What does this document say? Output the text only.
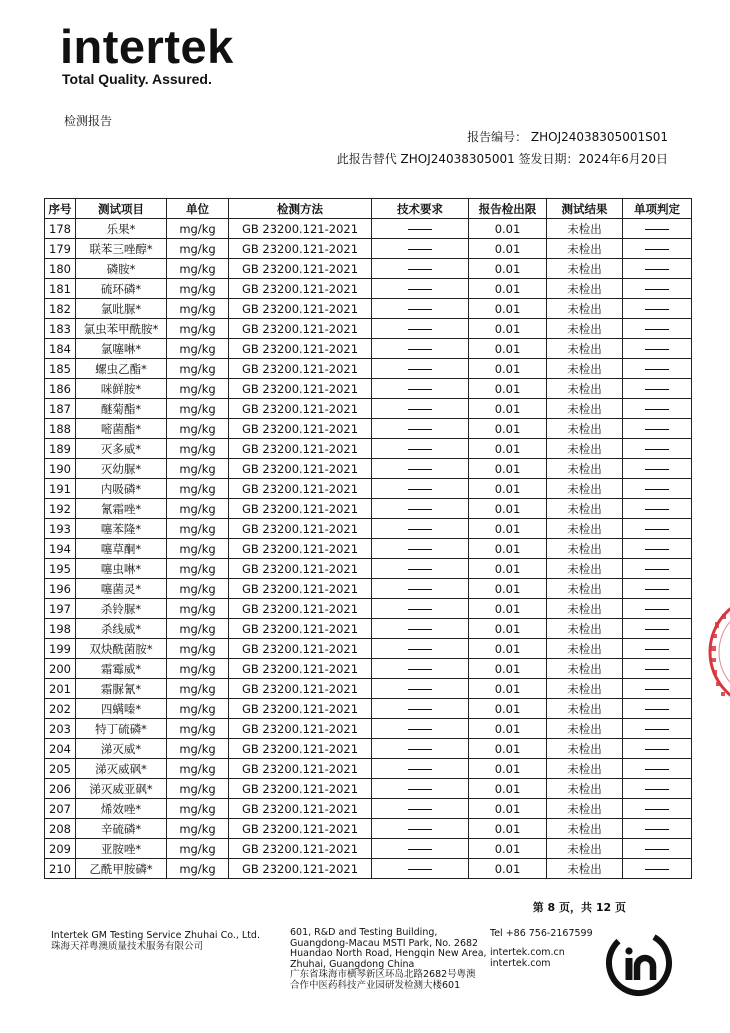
intertek
Total Quality. Assured.
检测报告
报告编号： ZHOJ24038305001S01
此报告替代 ZHOJ24038305001 签发日期：2024年6月20日
序号	测试项目	单位	检测方法	技术要求	报告检出限	测试结果	单项判定
178	乐果*	mg/kg	GB 23200.121-2021		0.01	未检出	
179	联苯三唑醇*	mg/kg	GB 23200.121-2021		0.01	未检出	
180	磷胺*	mg/kg	GB 23200.121-2021		0.01	未检出	
181	硫环磷*	mg/kg	GB 23200.121-2021		0.01	未检出	
182	氯吡脲*	mg/kg	GB 23200.121-2021		0.01	未检出	
183	氯虫苯甲酰胺*	mg/kg	GB 23200.121-2021		0.01	未检出	
184	氯噻啉*	mg/kg	GB 23200.121-2021		0.01	未检出	
185	螺虫乙酯*	mg/kg	GB 23200.121-2021		0.01	未检出	
186	咪鲜胺*	mg/kg	GB 23200.121-2021		0.01	未检出	
187	醚菊酯*	mg/kg	GB 23200.121-2021		0.01	未检出	
188	嘧菌酯*	mg/kg	GB 23200.121-2021		0.01	未检出	
189	灭多威*	mg/kg	GB 23200.121-2021		0.01	未检出	
190	灭幼脲*	mg/kg	GB 23200.121-2021		0.01	未检出	
191	内吸磷*	mg/kg	GB 23200.121-2021		0.01	未检出	
192	氰霜唑*	mg/kg	GB 23200.121-2021		0.01	未检出	
193	噻苯隆*	mg/kg	GB 23200.121-2021		0.01	未检出	
194	噻草酮*	mg/kg	GB 23200.121-2021		0.01	未检出	
195	噻虫啉*	mg/kg	GB 23200.121-2021		0.01	未检出	
196	噻菌灵*	mg/kg	GB 23200.121-2021		0.01	未检出	
197	杀铃脲*	mg/kg	GB 23200.121-2021		0.01	未检出	
198	杀线威*	mg/kg	GB 23200.121-2021		0.01	未检出	
199	双炔酰菌胺*	mg/kg	GB 23200.121-2021		0.01	未检出	
200	霜霉威*	mg/kg	GB 23200.121-2021		0.01	未检出	
201	霜脲氰*	mg/kg	GB 23200.121-2021		0.01	未检出	
202	四螨嗪*	mg/kg	GB 23200.121-2021		0.01	未检出	
203	特丁硫磷*	mg/kg	GB 23200.121-2021		0.01	未检出	
204	涕灭威*	mg/kg	GB 23200.121-2021		0.01	未检出	
205	涕灭威砜*	mg/kg	GB 23200.121-2021		0.01	未检出	
206	涕灭威亚砜*	mg/kg	GB 23200.121-2021		0.01	未检出	
207	烯效唑*	mg/kg	GB 23200.121-2021		0.01	未检出	
208	辛硫磷*	mg/kg	GB 23200.121-2021		0.01	未检出	
209	亚胺唑*	mg/kg	GB 23200.121-2021		0.01	未检出	
210	乙酰甲胺磷*	mg/kg	GB 23200.121-2021		0.01	未检出	
第 8 页，共 12 页
Intertek GM Testing Service Zhuhai Co., Ltd.
珠海天祥粤澳质量技术服务有限公司
601, R&D and Testing Building,
Guangdong-Macau MSTI Park, No. 2682
Huandao North Road, Hengqin New Area,
Zhuhai, Guangdong China
广东省珠海市横琴新区环岛北路2682号粤澳
合作中医药科技产业园研发检测大楼601
Tel +86 756-2167599
intertek.com.cn
intertek.com
